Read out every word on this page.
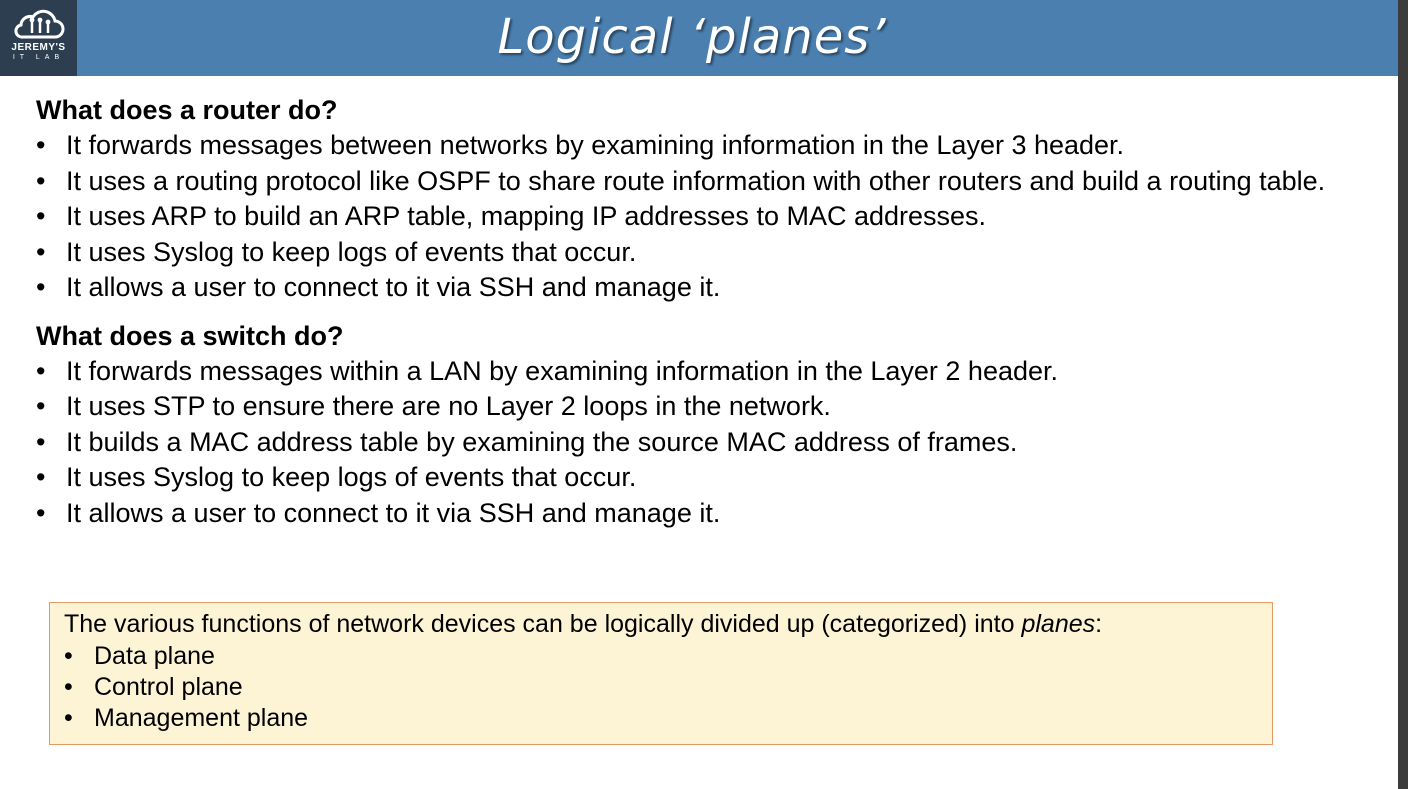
JEREMY'S
IT LAB	Logical ‘planes’
What does a router do?
• It forwards messages between networks by examining information in the Layer 3 header.
• It uses a routing protocol like OSPF to share route information with other routers and build a routing table.
• It uses ARP to build an ARP table, mapping IP addresses to MAC addresses.
• It uses Syslog to keep logs of events that occur.
• It allows a user to connect to it via SSH and manage it.
What does a switch do?
• It forwards messages within a LAN by examining information in the Layer 2 header.
• It uses STP to ensure there are no Layer 2 loops in the network.
• It builds a MAC address table by examining the source MAC address of frames.
• It uses Syslog to keep logs of events that occur.
• It allows a user to connect to it via SSH and manage it.
The various functions of network devices can be logically divided up (categorized) into planes:
• Data plane
• Control plane
• Management plane
